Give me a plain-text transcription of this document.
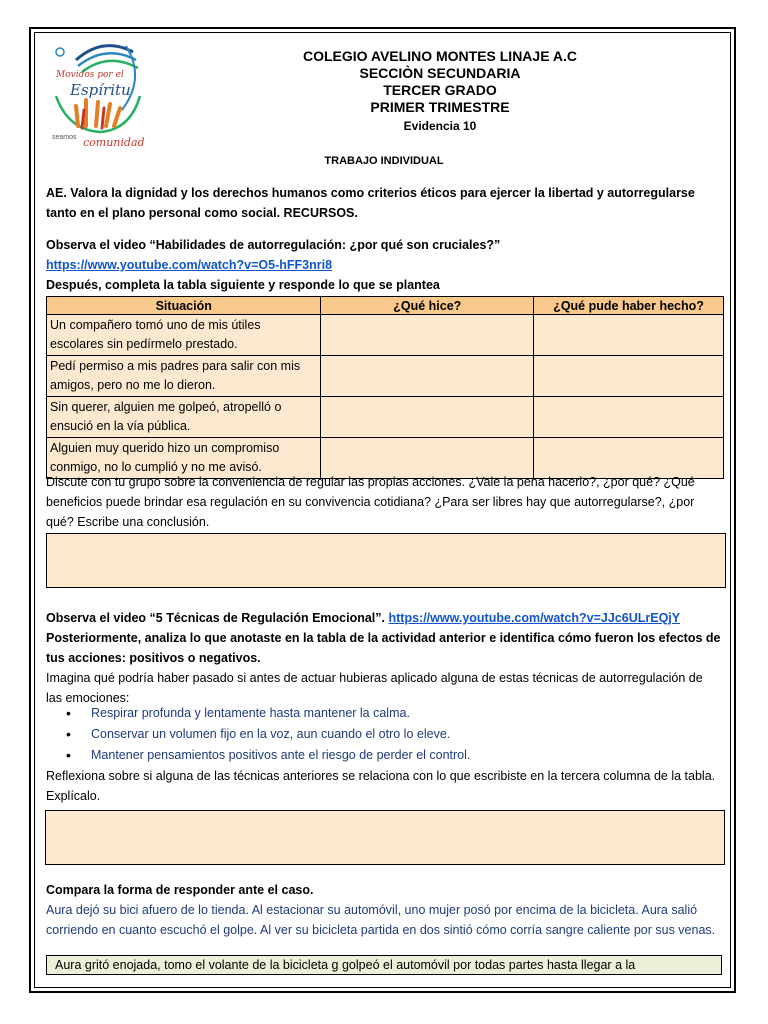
Movidos por el
Espíritu
seamos comunidad
COLEGIO AVELINO MONTES LINAJE A.C
SECCIÒN SECUNDARIA
TERCER GRADO
PRIMER TRIMESTRE
Evidencia 10
TRABAJO INDIVIDUAL
AE. Valora la dignidad y los derechos humanos como criterios éticos para ejercer la libertad y autorregularse tanto en el plano personal como social. RECURSOS.
Observa el video “Habilidades de autorregulación: ¿por qué son cruciales?”
https://www.youtube.com/watch?v=O5-hFF3nri8
Después, completa la tabla siguiente y responde lo que se plantea
Situación	¿Qué hice?	¿Qué pude haber hecho?
Un compañero tomó uno de mis útiles escolares sin pedírmelo prestado.		
Pedí permiso a mis padres para salir con mis amigos, pero no me lo dieron.		
Sin querer, alguien me golpeó, atropelló o ensució en la vía pública.		
Alguien muy querido hizo un compromiso conmigo, no lo cumplió y no me avisó.		
Discute con tu grupo sobre la conveniencia de regular las propias acciones. ¿Vale la pena hacerlo?, ¿por qué? ¿Qué beneficios puede brindar esa regulación en su convivencia cotidiana? ¿Para ser libres hay que autorregularse?, ¿por qué? Escribe una conclusión.
Observa el video “5 Técnicas de Regulación Emocional”. https://www.youtube.com/watch?v=JJc6ULrEQjY
Posteriormente, analiza lo que anotaste en la tabla de la actividad anterior e identifica cómo fueron los efectos de tus acciones: positivos o negativos.
Imagina qué podría haber pasado si antes de actuar hubieras aplicado alguna de estas técnicas de autorregulación de las emociones:
• Respirar profunda y lentamente hasta mantener la calma.
• Conservar un volumen fijo en la voz, aun cuando el otro lo eleve.
• Mantener pensamientos positivos ante el riesgo de perder el control.
Reflexiona sobre si alguna de las técnicas anteriores se relaciona con lo que escribiste en la tercera columna de la tabla. Explícalo.
Compara la forma de responder ante el caso.
Aura dejó su bici afuero de lo tienda. Al estacionar su automóvil, uno mujer posó por encima de la bicicleta. Aura salió corriendo en cuanto escuchó el golpe. Al ver su bicicleta partida en dos sintió cómo corría sangre caliente por sus venas.
Aura gritó enojada, tomo el volante de la bicicleta g golpeó el automóvil por todas partes hasta llegar a la
